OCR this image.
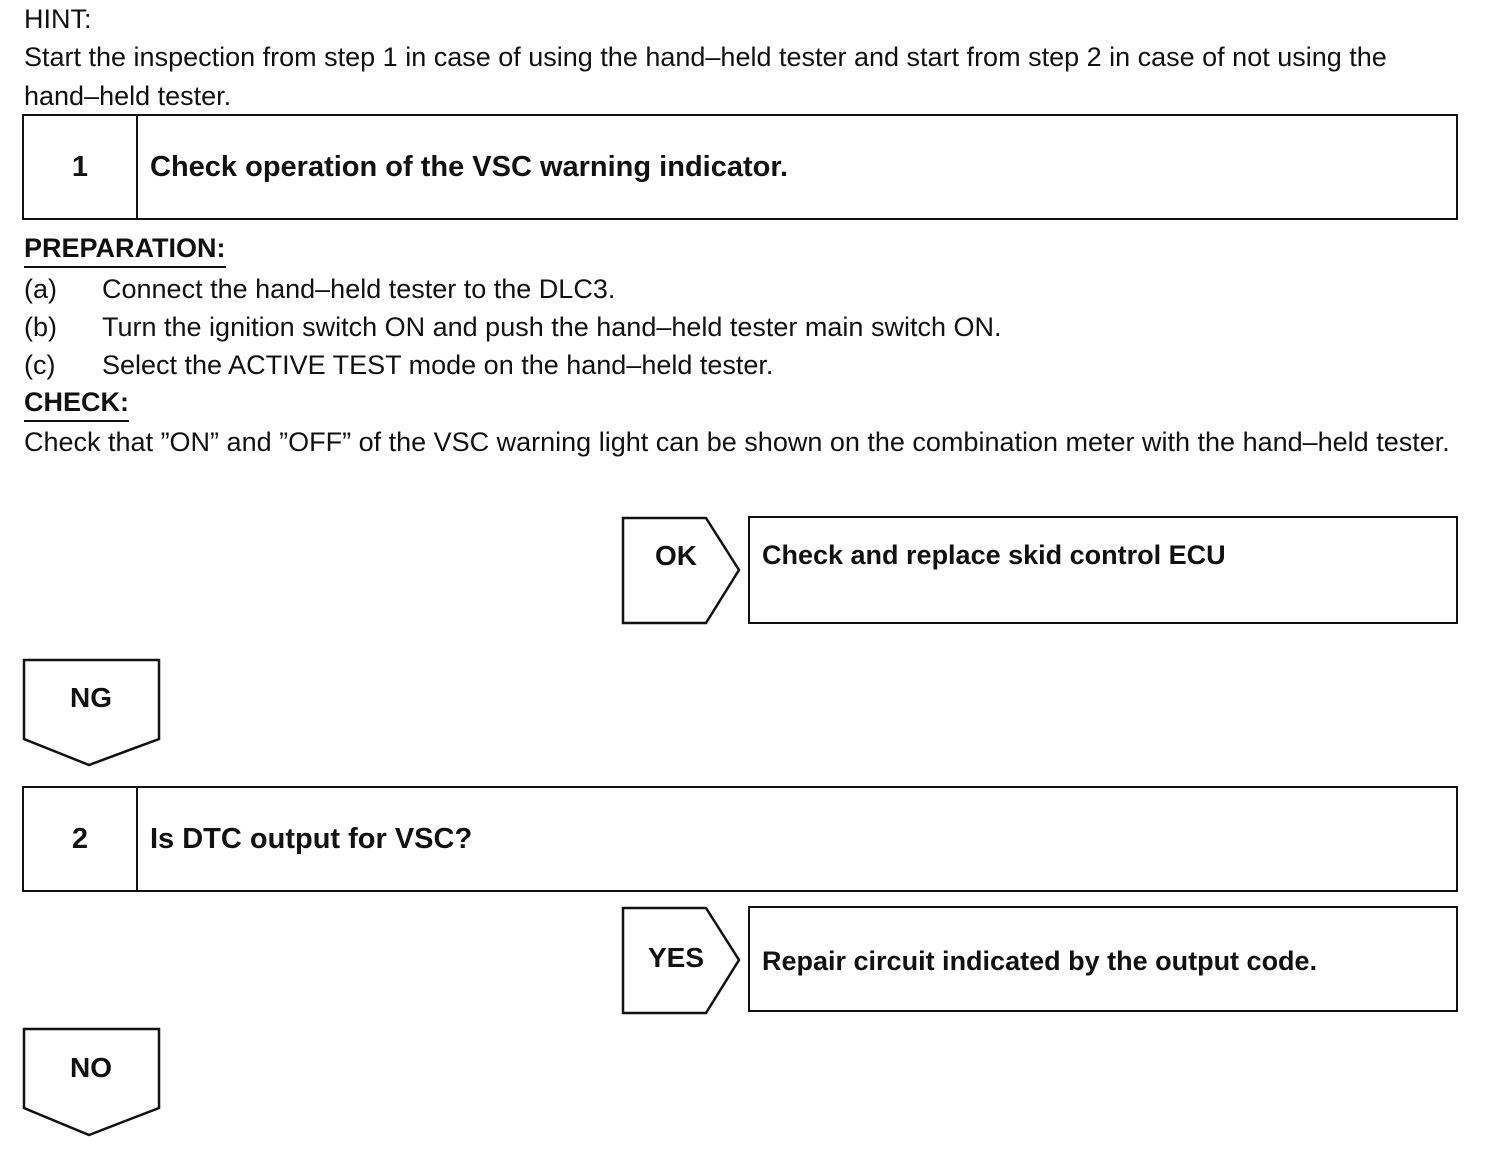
HINT:
Start the inspection from step 1 in case of using the hand–held tester and start from step 2 in case of not using the hand–held tester.
1	Check operation of the VSC warning indicator.
PREPARATION:
(a) Connect the hand–held tester to the DLC3.
(b) Turn the ignition switch ON and push the hand–held tester main switch ON.
(c) Select the ACTIVE TEST mode on the hand–held tester.
CHECK:
Check that ”ON” and ”OFF” of the VSC warning light can be shown on the combination meter with the hand–held tester.
OK	Check and replace skid control ECU
NG
2	Is DTC output for VSC?
YES	Repair circuit indicated by the output code.
NO
